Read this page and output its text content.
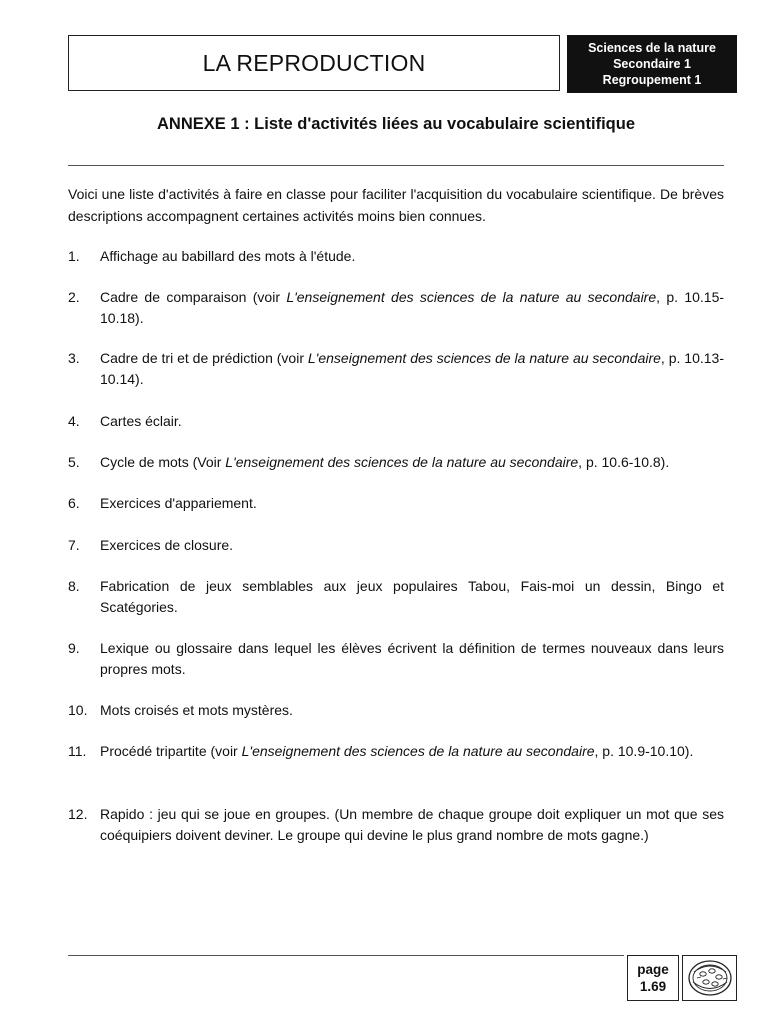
LA REPRODUCTION
Sciences de la nature
Secondaire 1
Regroupement 1
ANNEXE 1 : Liste d'activités liées au vocabulaire scientifique
Voici une liste d'activités à faire en classe pour faciliter l'acquisition du vocabulaire scientifique. De brèves descriptions accompagnent certaines activités moins bien connues.
1. Affichage au babillard des mots à l'étude.
2. Cadre de comparaison (voir L'enseignement des sciences de la nature au secondaire, p. 10.15-10.18).
3. Cadre de tri et de prédiction (voir L'enseignement des sciences de la nature au secondaire, p. 10.13-10.14).
4. Cartes éclair.
5. Cycle de mots (Voir L'enseignement des sciences de la nature au secondaire, p. 10.6-10.8).
6. Exercices d'appariement.
7. Exercices de closure.
8. Fabrication de jeux semblables aux jeux populaires Tabou, Fais-moi un dessin, Bingo et Scatégories.
9. Lexique ou glossaire dans lequel les élèves écrivent la définition de termes nouveaux dans leurs propres mots.
10. Mots croisés et mots mystères.
11. Procédé tripartite (voir L'enseignement des sciences de la nature au secondaire, p. 10.9-10.10).
12. Rapido : jeu qui se joue en groupes. (Un membre de chaque groupe doit expliquer un mot que ses coéquipiers doivent deviner. Le groupe qui devine le plus grand nombre de mots gagne.)
page
1.69
